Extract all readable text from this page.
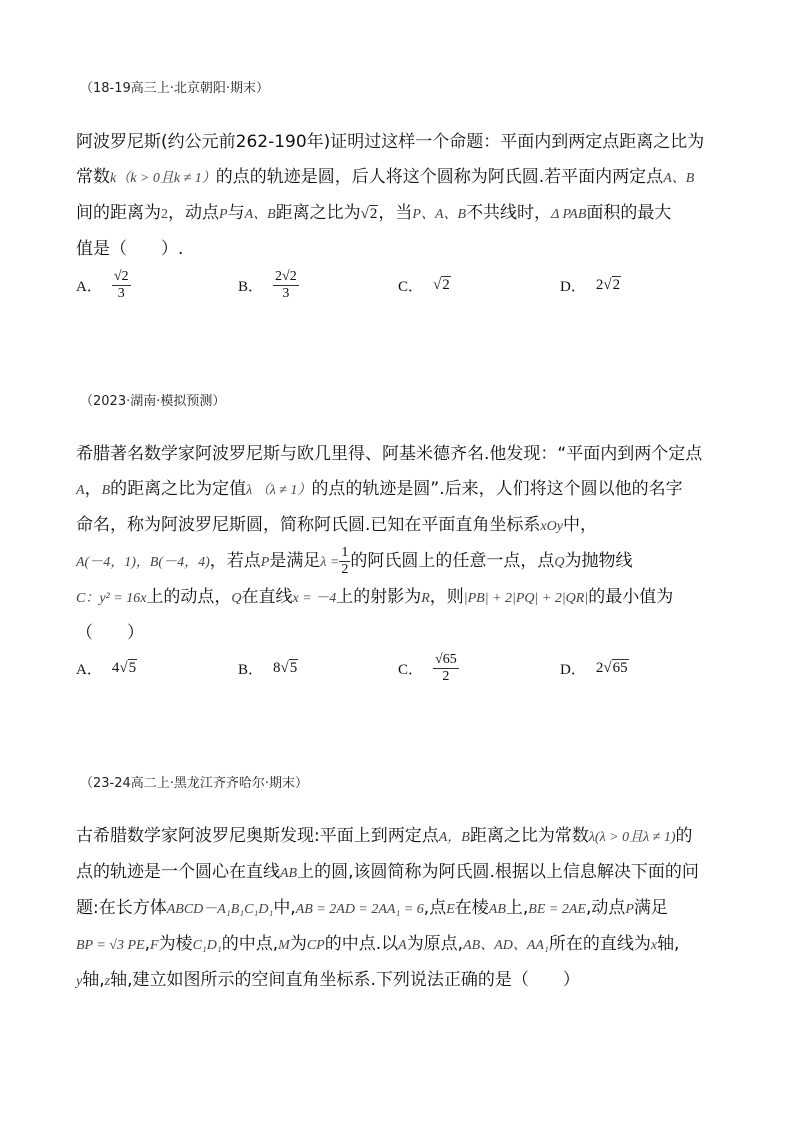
（18-19高三上·北京朝阳·期末）
阿波罗尼斯(约公元前262-190年)证明过这样一个命题：平面内到两定点距离之比为
常数k（k > 0且k ≠ 1）的点的轨迹是圆，后人将这个圆称为阿氏圆.若平面内两定点A、B
间的距离为2，动点P与A、B距离之比为√2，当P、A、B不共线时，Δ PAB面积的最大
值是（　　）.
A． $\frac{√2}{3}$	B． $\frac{2√2}{3}$	C． √2	D． 2√2
（2023·湖南·模拟预测）
希腊著名数学家阿波罗尼斯与欧几里得、阿基米德齐名.他发现：“平面内到两个定点
A，B的距离之比为定值λ （λ ≠ 1）的点的轨迹是圆”.后来，人们将这个圆以他的名字
命名，称为阿波罗尼斯圆，简称阿氏圆.已知在平面直角坐标系xOy中，
A(－4，1)，B(－4，4)，若点P是满足$\lambda = \frac{1}{2}$ 的阿氏圆上的任意一点，点Q为抛物线
C：y² = 16x上的动点，Q在直线x = －4上的射影为R，则|PB| + 2|PQ| + 2|QR|的最小值为
（　　）
A． 4√5	B． 8√5	C． $\frac{√65}{2}$	D． 2√65
（23-24高二上·黑龙江齐齐哈尔·期末）
古希腊数学家阿波罗尼奥斯发现:平面上到两定点A，B距离之比为常数λ(λ > 0且λ ≠ 1)的
点的轨迹是一个圆心在直线AB上的圆,该圆简称为阿氏圆.根据以上信息解决下面的问
题:在长方体ABCD－A₁B₁C₁D₁中,AB = 2AD = 2AA₁ = 6,点E在棱AB上,BE = 2AE,动点P满足
BP = √3 PE,F为棱C₁D₁的中点,M为CP的中点.以A为原点,AB、AD、AA₁所在的直线为x轴,
y轴,z轴,建立如图所示的空间直角坐标系.下列说法正确的是（　　）
